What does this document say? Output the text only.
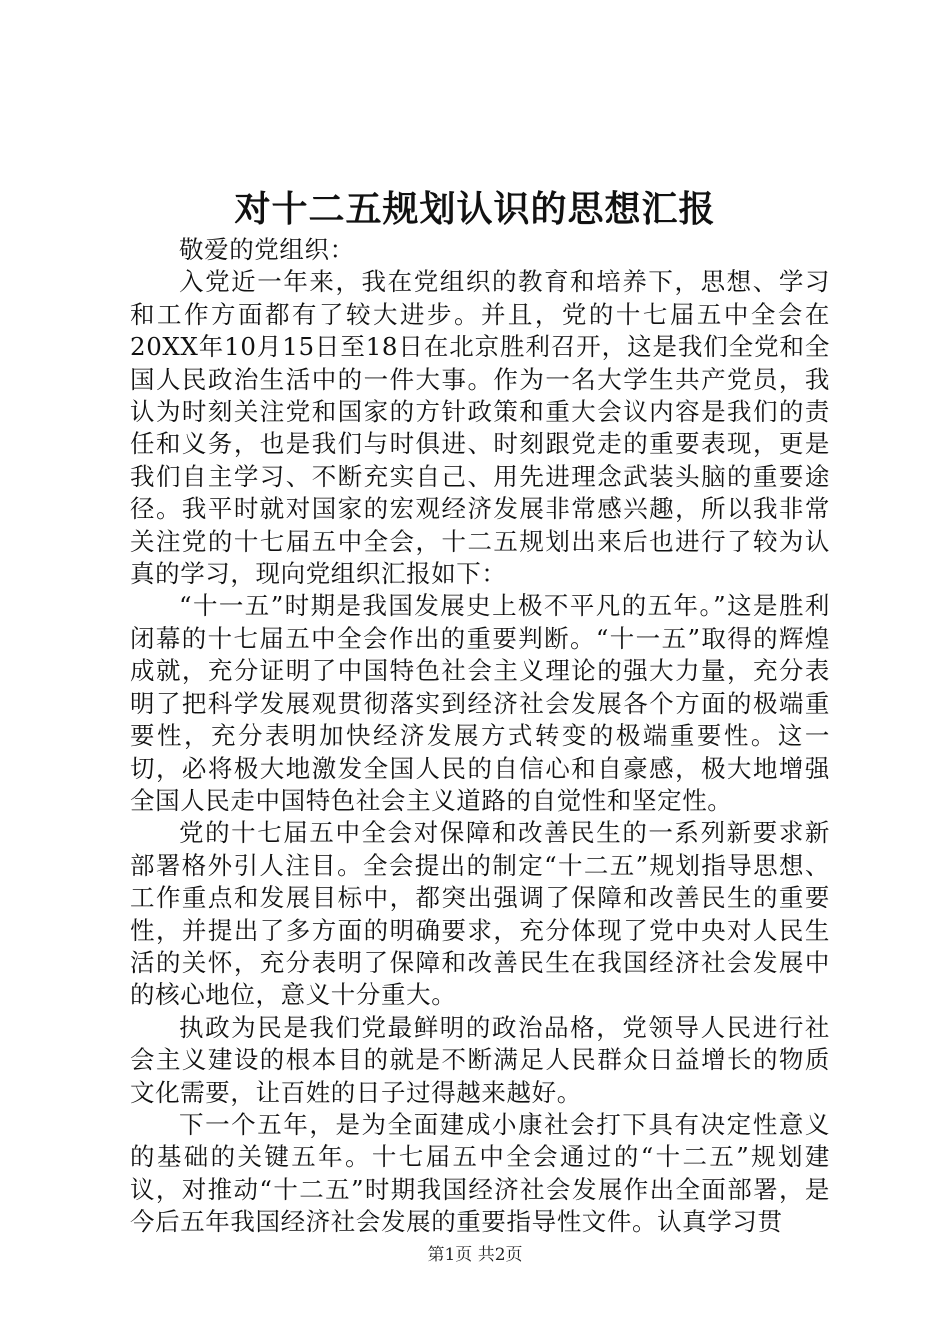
对十二五规划认识的思想汇报

敬爱的党组织：

入党近一年来，我在党组织的教育和培养下，思想、学习和工作方面都有了较大进步。并且，党的十七届五中全会在20XX年10月15日至18日在北京胜利召开，这是我们全党和全国人民政治生活中的一件大事。作为一名大学生共产党员，我认为时刻关注党和国家的方针政策和重大会议内容是我们的责任和义务，也是我们与时俱进、时刻跟党走的重要表现，更是我们自主学习、不断充实自己、用先进理念武装头脑的重要途径。我平时就对国家的宏观经济发展非常感兴趣，所以我非常关注党的十七届五中全会，十二五规划出来后也进行了较为认真的学习，现向党组织汇报如下：

“十一五”时期是我国发展史上极不平凡的五年。”这是胜利闭幕的十七届五中全会作出的重要判断。“十一五”取得的辉煌成就，充分证明了中国特色社会主义理论的强大力量，充分表明了把科学发展观贯彻落实到经济社会发展各个方面的极端重要性，充分表明加快经济发展方式转变的极端重要性。这一切，必将极大地激发全国人民的自信心和自豪感，极大地增强全国人民走中国特色社会主义道路的自觉性和坚定性。

党的十七届五中全会对保障和改善民生的一系列新要求新部署格外引人注目。全会提出的制定“十二五”规划指导思想、工作重点和发展目标中，都突出强调了保障和改善民生的重要性，并提出了多方面的明确要求，充分体现了党中央对人民生活的关怀，充分表明了保障和改善民生在我国经济社会发展中的核心地位，意义十分重大。

执政为民是我们党最鲜明的政治品格，党领导人民进行社会主义建设的根本目的就是不断满足人民群众日益增长的物质文化需要，让百姓的日子过得越来越好。

下一个五年，是为全面建成小康社会打下具有决定性意义的基础的关键五年。十七届五中全会通过的“十二五”规划建议，对推动“十二五”时期我国经济社会发展作出全面部署，是今后五年我国经济社会发展的重要指导性文件。认真学习贯

第1页 共2页
